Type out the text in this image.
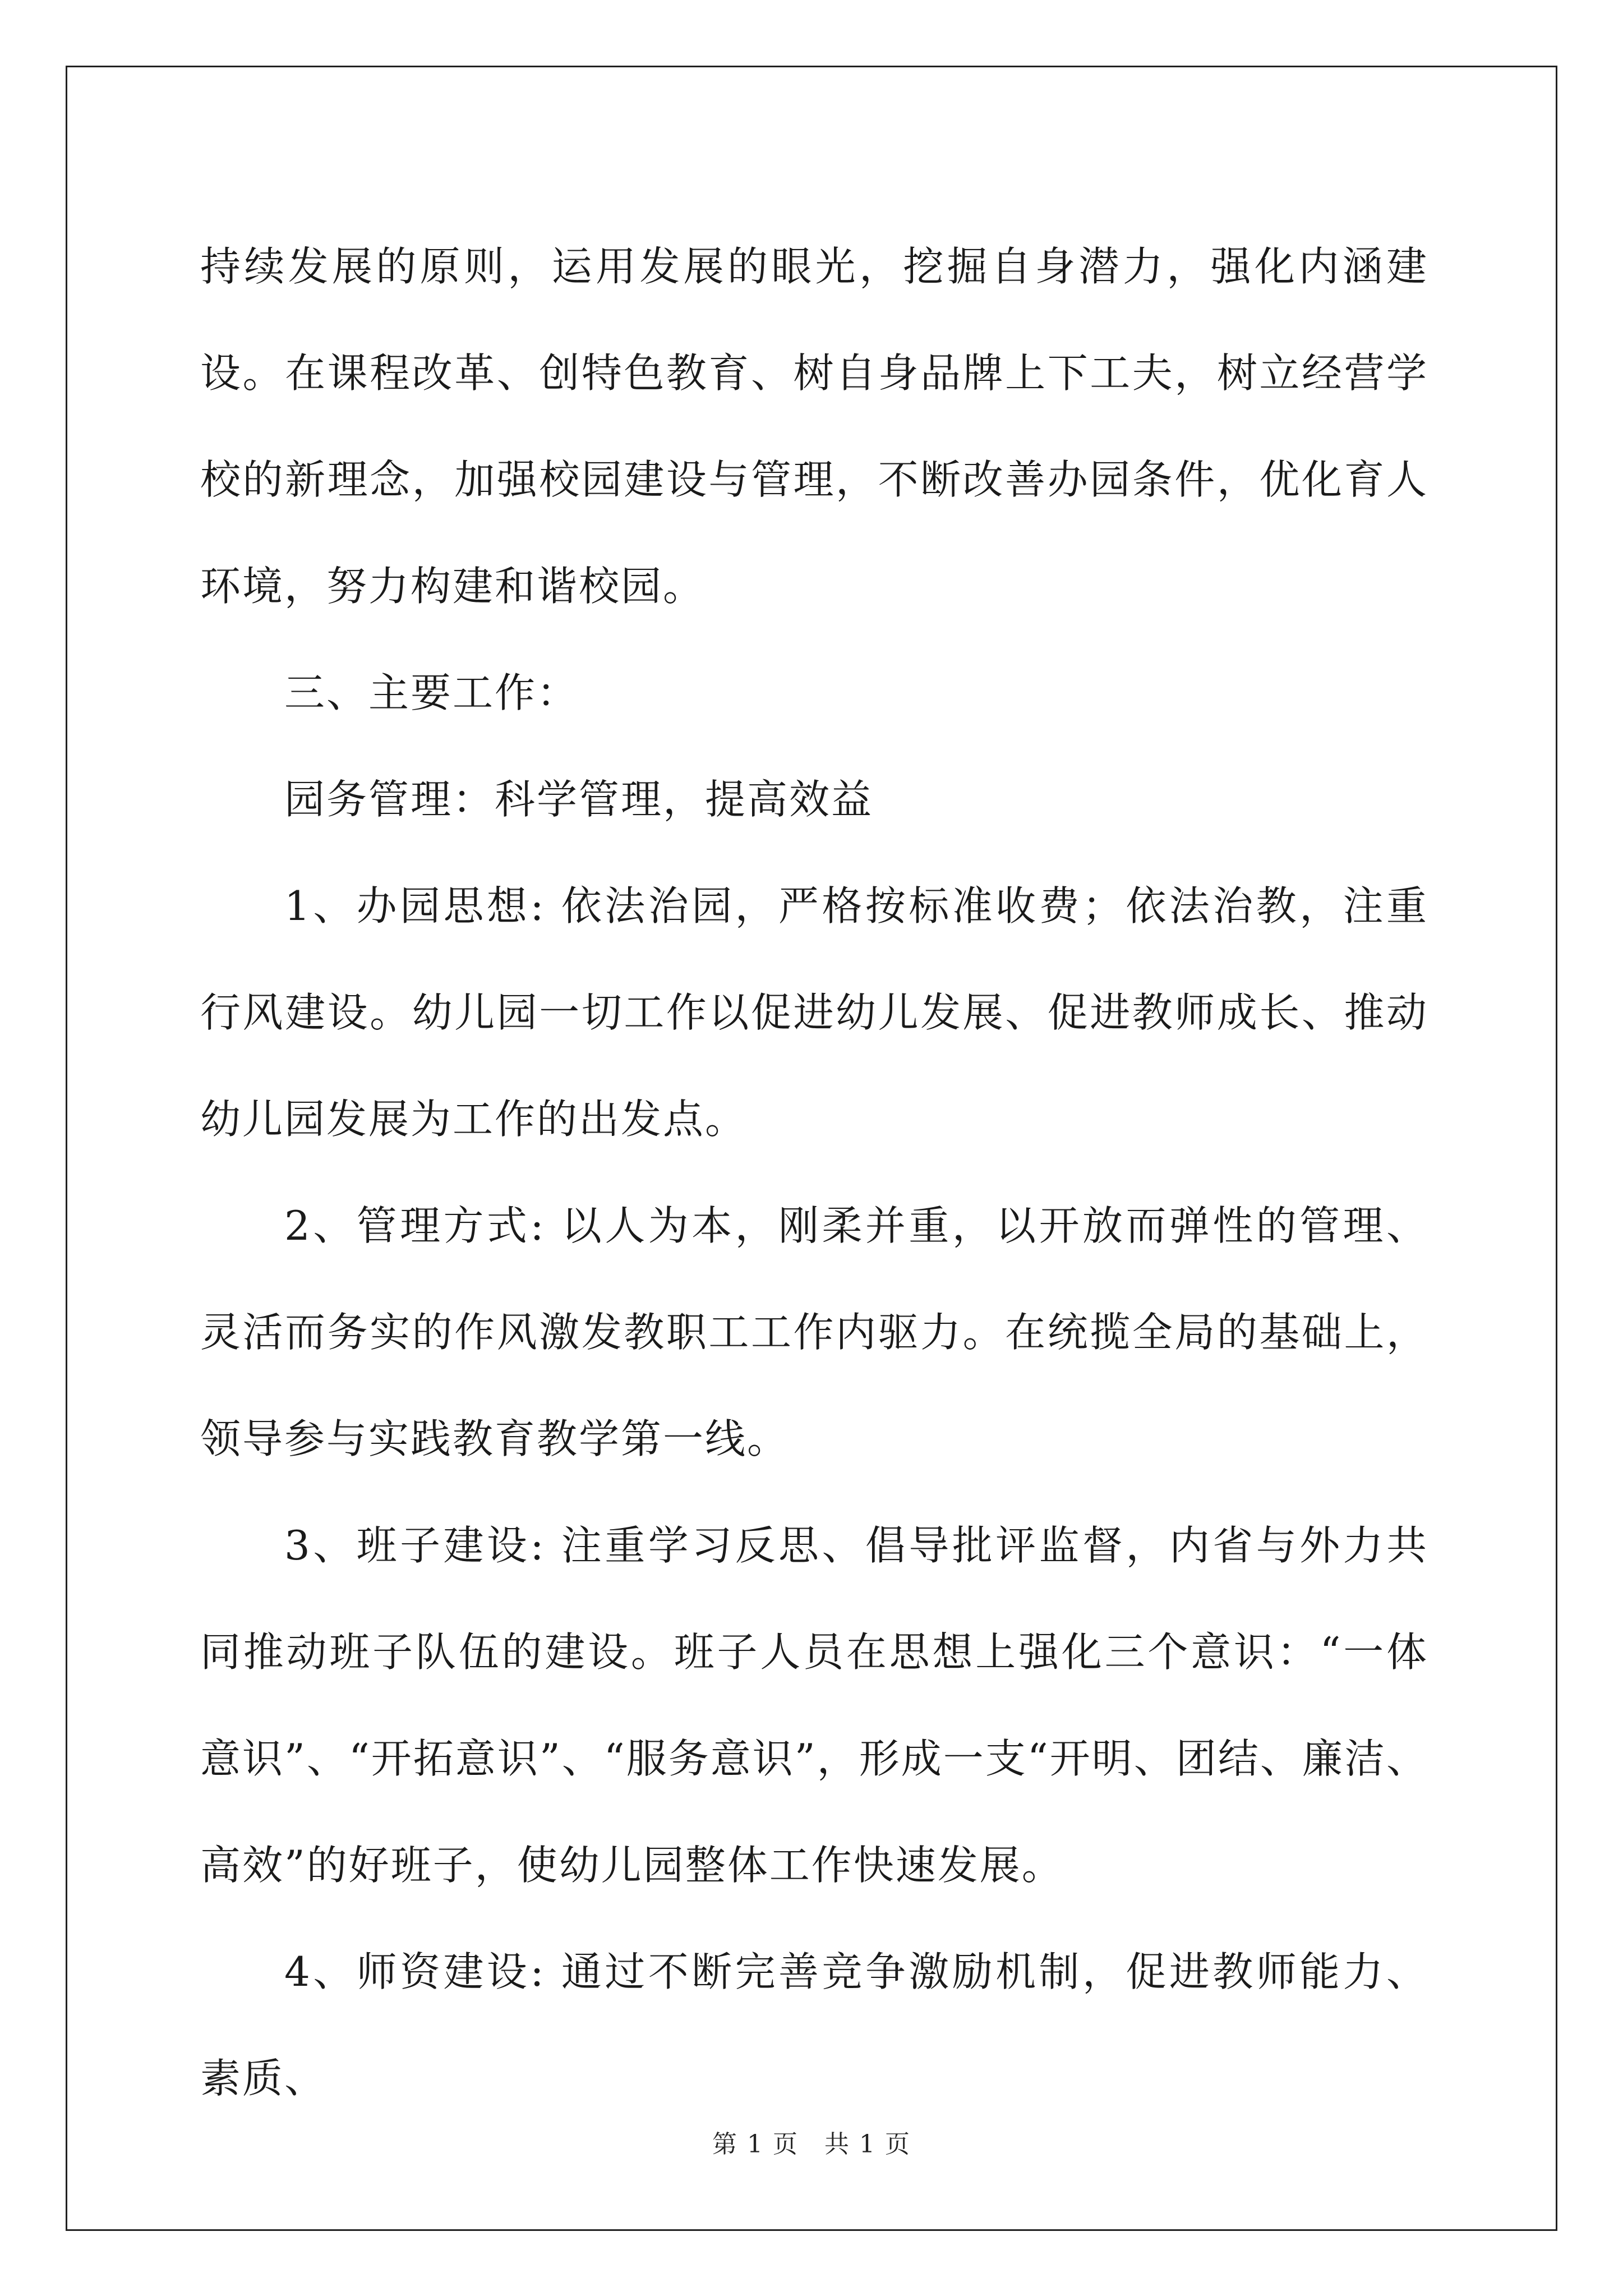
持续发展的原则，运用发展的眼光，挖掘自身潜力，强化内涵建设。在课程改革、创特色教育、树自身品牌上下工夫，树立经营学校的新理念，加强校园建设与管理，不断改善办园条件，优化育人环境，努力构建和谐校园。

三、主要工作：

园务管理：科学管理，提高效益

1、办园思想: 依法治园，严格按标准收费；依法治教，注重行风建设。幼儿园一切工作以促进幼儿发展、促进教师成长、推动幼儿园发展为工作的出发点。

2、管理方式: 以人为本，刚柔并重，以开放而弹性的管理、灵活而务实的作风激发教职工工作内驱力。在统揽全局的基础上，领导参与实践教育教学第一线。

3、班子建设: 注重学习反思、倡导批评监督，内省与外力共同推动班子队伍的建设。班子人员在思想上强化三个意识：“一体意识”、“开拓意识”、“服务意识”，形成一支“开明、团结、廉洁、高效”的好班子，使幼儿园整体工作快速发展。

4、师资建设: 通过不断完善竞争激励机制，促进教师能力、素质、

第 1 页　共 1 页
